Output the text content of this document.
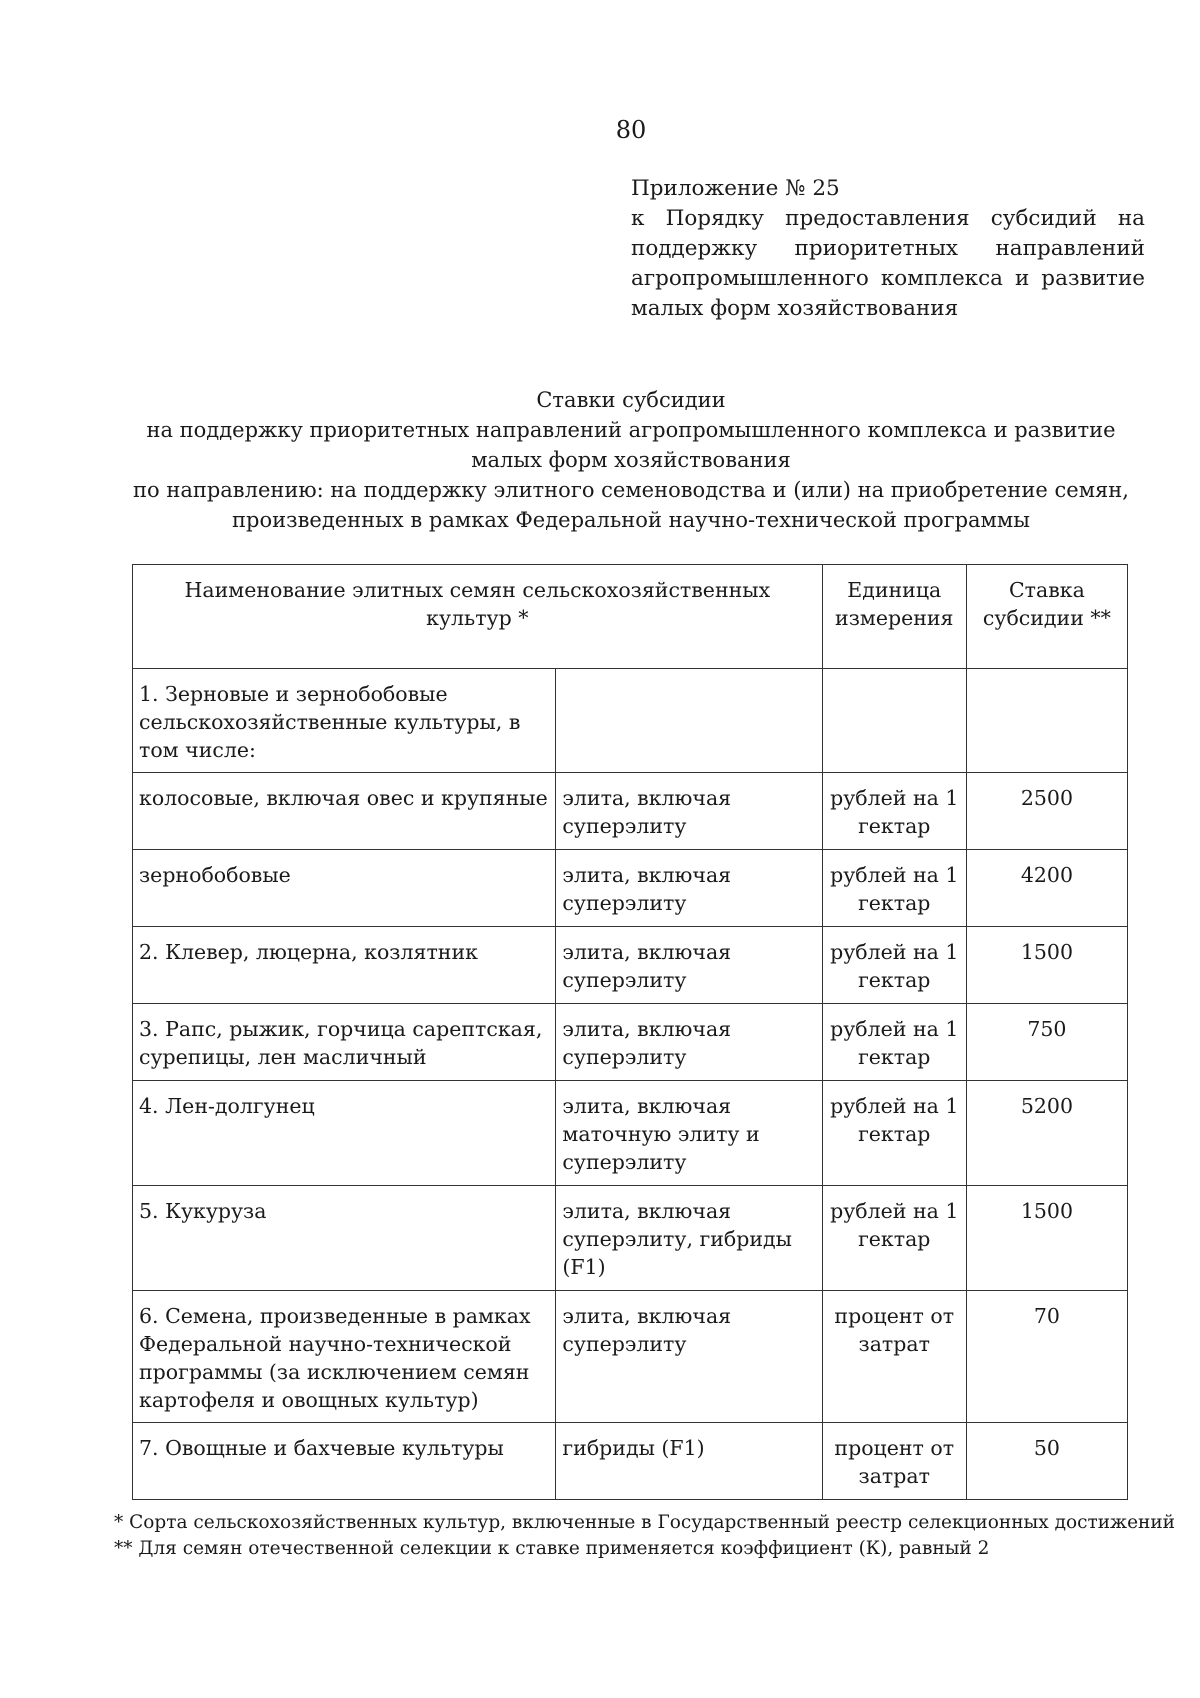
80
Приложение № 25
к Порядку предоставления субсидий на поддержку приоритетных направлений агропромышленного комплекса и развитие малых форм хозяйствования
Ставки субсидии
на поддержку приоритетных направлений агропромышленного комплекса и развитие
малых форм хозяйствования
по направлению: на поддержку элитного семеноводства и (или) на приобретение семян,
произведенных в рамках Федеральной научно-технической программы
Наименование элитных семян сельскохозяйственных культур *		Единица измерения	Ставка субсидии **
1. Зерновые и зернобобовые сельскохозяйственные культуры, в том числе:			
колосовые, включая овес и крупяные	элита, включая суперэлиту	рублей на 1 гектар	2500
зернобобовые	элита, включая суперэлиту	рублей на 1 гектар	4200
2. Клевер, люцерна, козлятник	элита, включая суперэлиту	рублей на 1 гектар	1500
3. Рапс, рыжик, горчица сарептская, сурепицы, лен масличный	элита, включая суперэлиту	рублей на 1 гектар	750
4. Лен-долгунец	элита, включая маточную элиту и суперэлиту	рублей на 1 гектар	5200
5. Кукуруза	элита, включая суперэлиту, гибриды (F1)	рублей на 1 гектар	1500
6. Семена, произведенные в рамках Федеральной научно-технической программы (за исключением семян картофеля и овощных культур)	элита, включая суперэлиту	процент от затрат	70
7. Овощные и бахчевые культуры	гибриды (F1)	процент от затрат	50
* Сорта сельскохозяйственных культур, включенные в Государственный реестр селекционных достижений
** Для семян отечественной селекции к ставке применяется коэффициент (К), равный 2
